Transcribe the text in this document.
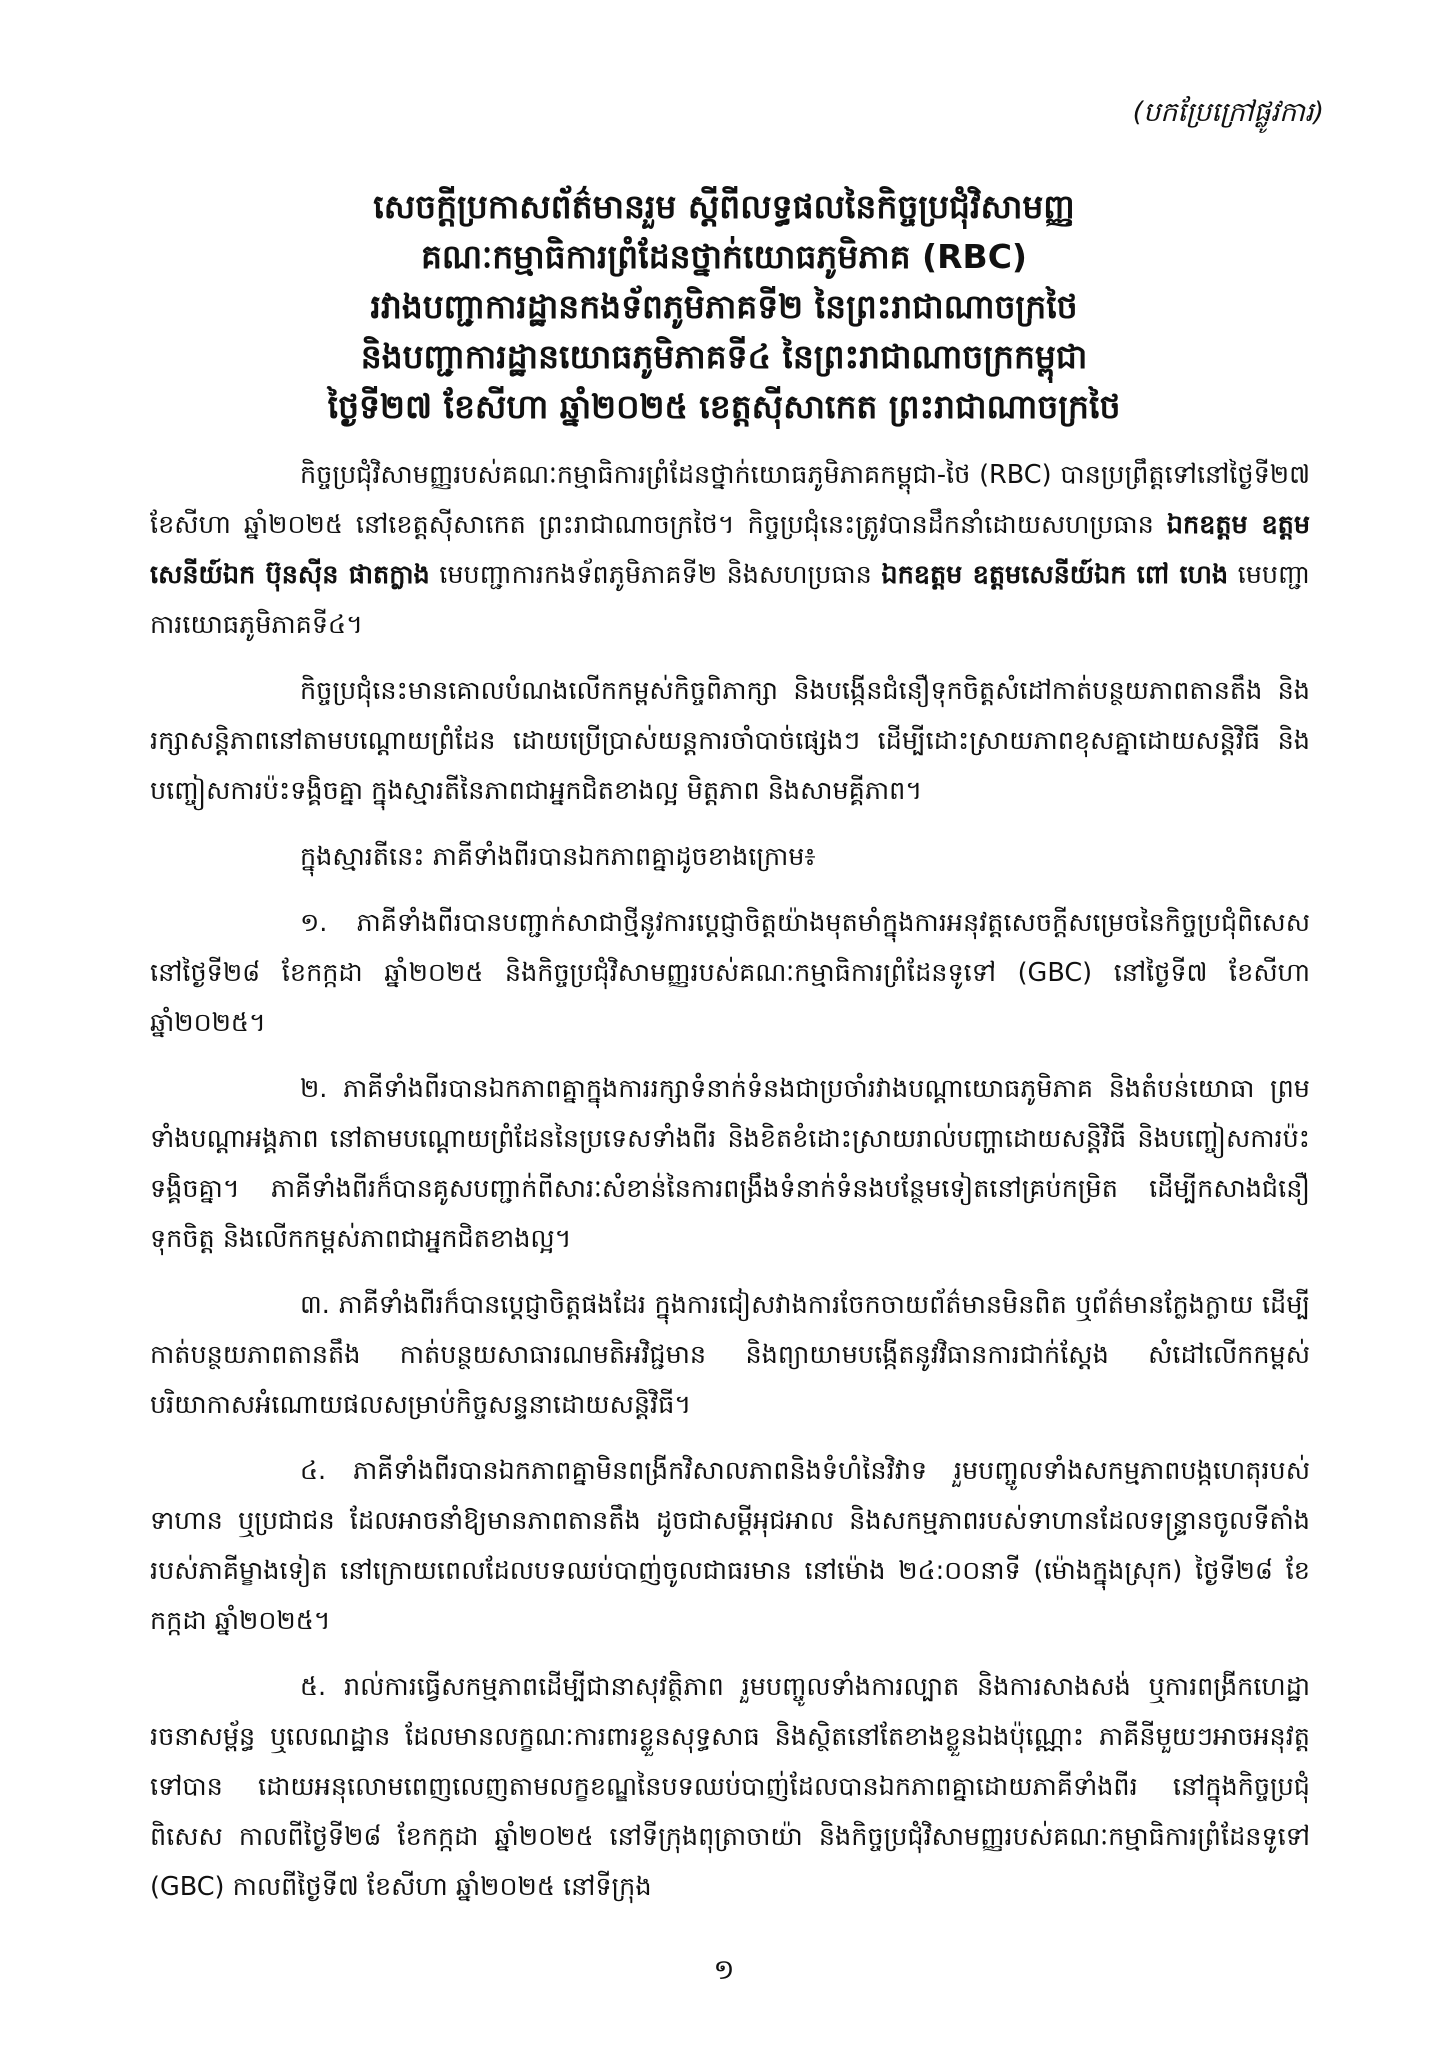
(បកប្រែក្រៅផ្លូវការ)
សេចក្តីប្រកាសព័ត៌មានរួម ស្តីពីលទ្ធផលនៃកិច្ចប្រជុំវិសាមញ្ញ
គណៈកម្មាធិការព្រំដែនថ្នាក់យោធភូមិភាគ (RBC)
រវាងបញ្ជាការដ្ឋានកងទ័ពភូមិភាគទី២ នៃព្រះរាជាណាចក្រថៃ
និងបញ្ជាការដ្ឋានយោធភូមិភាគទី៤ នៃព្រះរាជាណាចក្រកម្ពុជា
ថ្ងៃទី២៧ ខែសីហា ឆ្នាំ២០២៥ ខេត្តស៊ីសាកេត ព្រះរាជាណាចក្រថៃ

កិច្ចប្រជុំវិសាមញ្ញរបស់គណៈកម្មាធិការព្រំដែនថ្នាក់យោធភូមិភាគកម្ពុជា-ថៃ (RBC) បានប្រព្រឹត្តទៅនៅថ្ងៃទី២៧ ខែសីហា ឆ្នាំ២០២៥ នៅខេត្តស៊ីសាកេត ព្រះរាជាណាចក្រថៃ។ កិច្ចប្រជុំនេះត្រូវបានដឹកនាំដោយសហប្រធាន ឯកឧត្តម ឧត្តមសេនីយ៍ឯក ប៊ុនស៊ីន ផាតក្លាង មេបញ្ជាការកងទ័ពភូមិភាគទី២ និងសហប្រធាន ឯកឧត្តម ឧត្តមសេនីយ៍ឯក ពៅ ហេង មេបញ្ជាការយោធភូមិភាគទី៤។

កិច្ចប្រជុំនេះមានគោលបំណងលើកកម្ពស់កិច្ចពិភាក្សា និងបង្កើនជំនឿទុកចិត្តសំដៅកាត់បន្ថយភាពតានតឹង និងរក្សាសន្តិភាពនៅតាមបណ្តោយព្រំដែន ដោយប្រើប្រាស់យន្តការចាំបាច់ផ្សេងៗ ដើម្បីដោះស្រាយភាពខុសគ្នាដោយសន្តិវិធី និងបញ្ចៀសការប៉ះទង្គិចគ្នា ក្នុងស្មារតីនៃភាពជាអ្នកជិតខាងល្អ មិត្តភាព និងសាមគ្គីភាព។

ក្នុងស្មារតីនេះ ភាគីទាំងពីរបានឯកភាពគ្នាដូចខាងក្រោម៖

១. ភាគីទាំងពីរបានបញ្ជាក់សាជាថ្មីនូវការប្តេជ្ញាចិត្តយ៉ាងមុតមាំក្នុងការអនុវត្តសេចក្តីសម្រេចនៃកិច្ចប្រជុំពិសេស នៅថ្ងៃទី២៨ ខែកក្កដា ឆ្នាំ២០២៥ និងកិច្ចប្រជុំវិសាមញ្ញរបស់គណៈកម្មាធិការព្រំដែនទូទៅ (GBC) នៅថ្ងៃទី៧ ខែសីហា ឆ្នាំ២០២៥។

២. ភាគីទាំងពីរបានឯកភាពគ្នាក្នុងការរក្សាទំនាក់ទំនងជាប្រចាំរវាងបណ្តាយោធភូមិភាគ និងតំបន់យោធា ព្រមទាំងបណ្តាអង្គភាព នៅតាមបណ្តោយព្រំដែននៃប្រទេសទាំងពីរ និងខិតខំដោះស្រាយរាល់បញ្ហាដោយសន្តិវិធី និងបញ្ចៀសការប៉ះទង្គិចគ្នា។ ភាគីទាំងពីរក៏បានគូសបញ្ជាក់ពីសារៈសំខាន់នៃការពង្រឹងទំនាក់ទំនងបន្ថែមទៀតនៅគ្រប់កម្រិត ដើម្បីកសាងជំនឿទុកចិត្ត និងលើកកម្ពស់ភាពជាអ្នកជិតខាងល្អ។

៣. ភាគីទាំងពីរក៏បានប្តេជ្ញាចិត្តផងដែរ ក្នុងការជៀសវាងការចែកចាយព័ត៌មានមិនពិត ឬព័ត៌មានក្លែងក្លាយ ដើម្បីកាត់បន្ថយភាពតានតឹង កាត់បន្ថយសាធារណមតិអវិជ្ជមាន និងព្យាយាមបង្កើតនូវវិធានការជាក់ស្តែង សំដៅលើកកម្ពស់បរិយាកាសអំណោយផលសម្រាប់កិច្ចសន្ទនាដោយសន្តិវិធី។

៤. ភាគីទាំងពីរបានឯកភាពគ្នាមិនពង្រីកវិសាលភាពនិងទំហំនៃវិវាទ រួមបញ្ចូលទាំងសកម្មភាពបង្កហេតុរបស់ទាហាន ឬប្រជាជន ដែលអាចនាំឱ្យមានភាពតានតឹង ដូចជាសម្តីអុជអាល និងសកម្មភាពរបស់ទាហានដែលទន្ទ្រានចូលទីតាំងរបស់ភាគីម្ខាងទៀត នៅក្រោយពេលដែលបទឈប់បាញ់ចូលជាធរមាន នៅម៉ោង ២៤:០០នាទី (ម៉ោងក្នុងស្រុក) ថ្ងៃទី២៨ ខែកក្កដា ឆ្នាំ២០២៥។

៥. រាល់ការធ្វើសកម្មភាពដើម្បីជានាសុវត្ថិភាព រួមបញ្ចូលទាំងការល្បាត និងការសាងសង់ ឬការពង្រីកហេដ្ឋារចនាសម្ព័ន្ធ ឬលេណដ្ឋាន ដែលមានលក្ខណៈការពារខ្លួនសុទ្ធសាធ និងស្ថិតនៅតែខាងខ្លួនឯងប៉ុណ្ណោះ ភាគីនីមួយៗអាចអនុវត្តទៅបាន ដោយអនុលោមពេញលេញតាមលក្ខខណ្ឌនៃបទឈប់បាញ់ដែលបានឯកភាពគ្នាដោយភាគីទាំងពីរ នៅក្នុងកិច្ចប្រជុំពិសេស កាលពីថ្ងៃទី២៨ ខែកក្កដា ឆ្នាំ២០២៥ នៅទីក្រុងពុត្រាចាយ៉ា និងកិច្ចប្រជុំវិសាមញ្ញរបស់គណៈកម្មាធិការព្រំដែនទូទៅ (GBC) កាលពីថ្ងៃទី៧ ខែសីហា ឆ្នាំ២០២៥ នៅទីក្រុង

១
